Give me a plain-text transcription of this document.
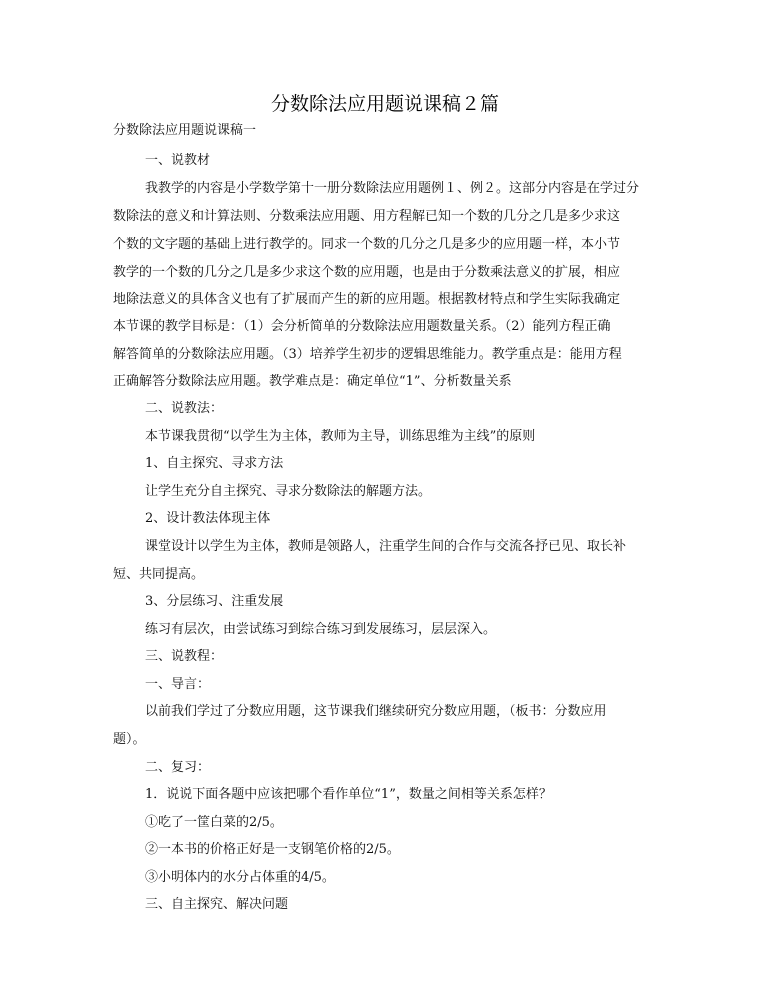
分数除法应用题说课稿２篇
分数除法应用题说课稿一
一、说教材
我教学的内容是小学数学第十一册分数除法应用题例１、例２。这部分内容是在学过分
数除法的意义和计算法则、分数乘法应用题、用方程解已知一个数的几分之几是多少求这
个数的文字题的基础上进行教学的。同求一个数的几分之几是多少的应用题一样，本小节
教学的一个数的几分之几是多少求这个数的应用题，也是由于分数乘法意义的扩展，相应
地除法意义的具体含义也有了扩展而产生的新的应用题。根据教材特点和学生实际我确定
本节课的教学目标是：（1）会分析简单的分数除法应用题数量关系。（2）能列方程正确
解答简单的分数除法应用题。（3）培养学生初步的逻辑思维能力。教学重点是：能用方程
正确解答分数除法应用题。教学难点是：确定单位“1”、分析数量关系
二、说教法：
本节课我贯彻“以学生为主体，教师为主导，训练思维为主线”的原则
1、自主探究、寻求方法
让学生充分自主探究、寻求分数除法的解题方法。
2、设计教法体现主体
课堂设计以学生为主体，教师是领路人，注重学生间的合作与交流各抒已见、取长补
短、共同提高。
3、分层练习、注重发展
练习有层次，由尝试练习到综合练习到发展练习，层层深入。
三、说教程：
一、导言：
以前我们学过了分数应用题，这节课我们继续研究分数应用题，（板书：分数应用
题）。
二、复习：
1．说说下面各题中应该把哪个看作单位“1”，数量之间相等关系怎样？
①吃了一筐白菜的2/5。
②一本书的价格正好是一支钢笔价格的2/5。
③小明体内的水分占体重的4/5。
三、自主探究、解决问题
